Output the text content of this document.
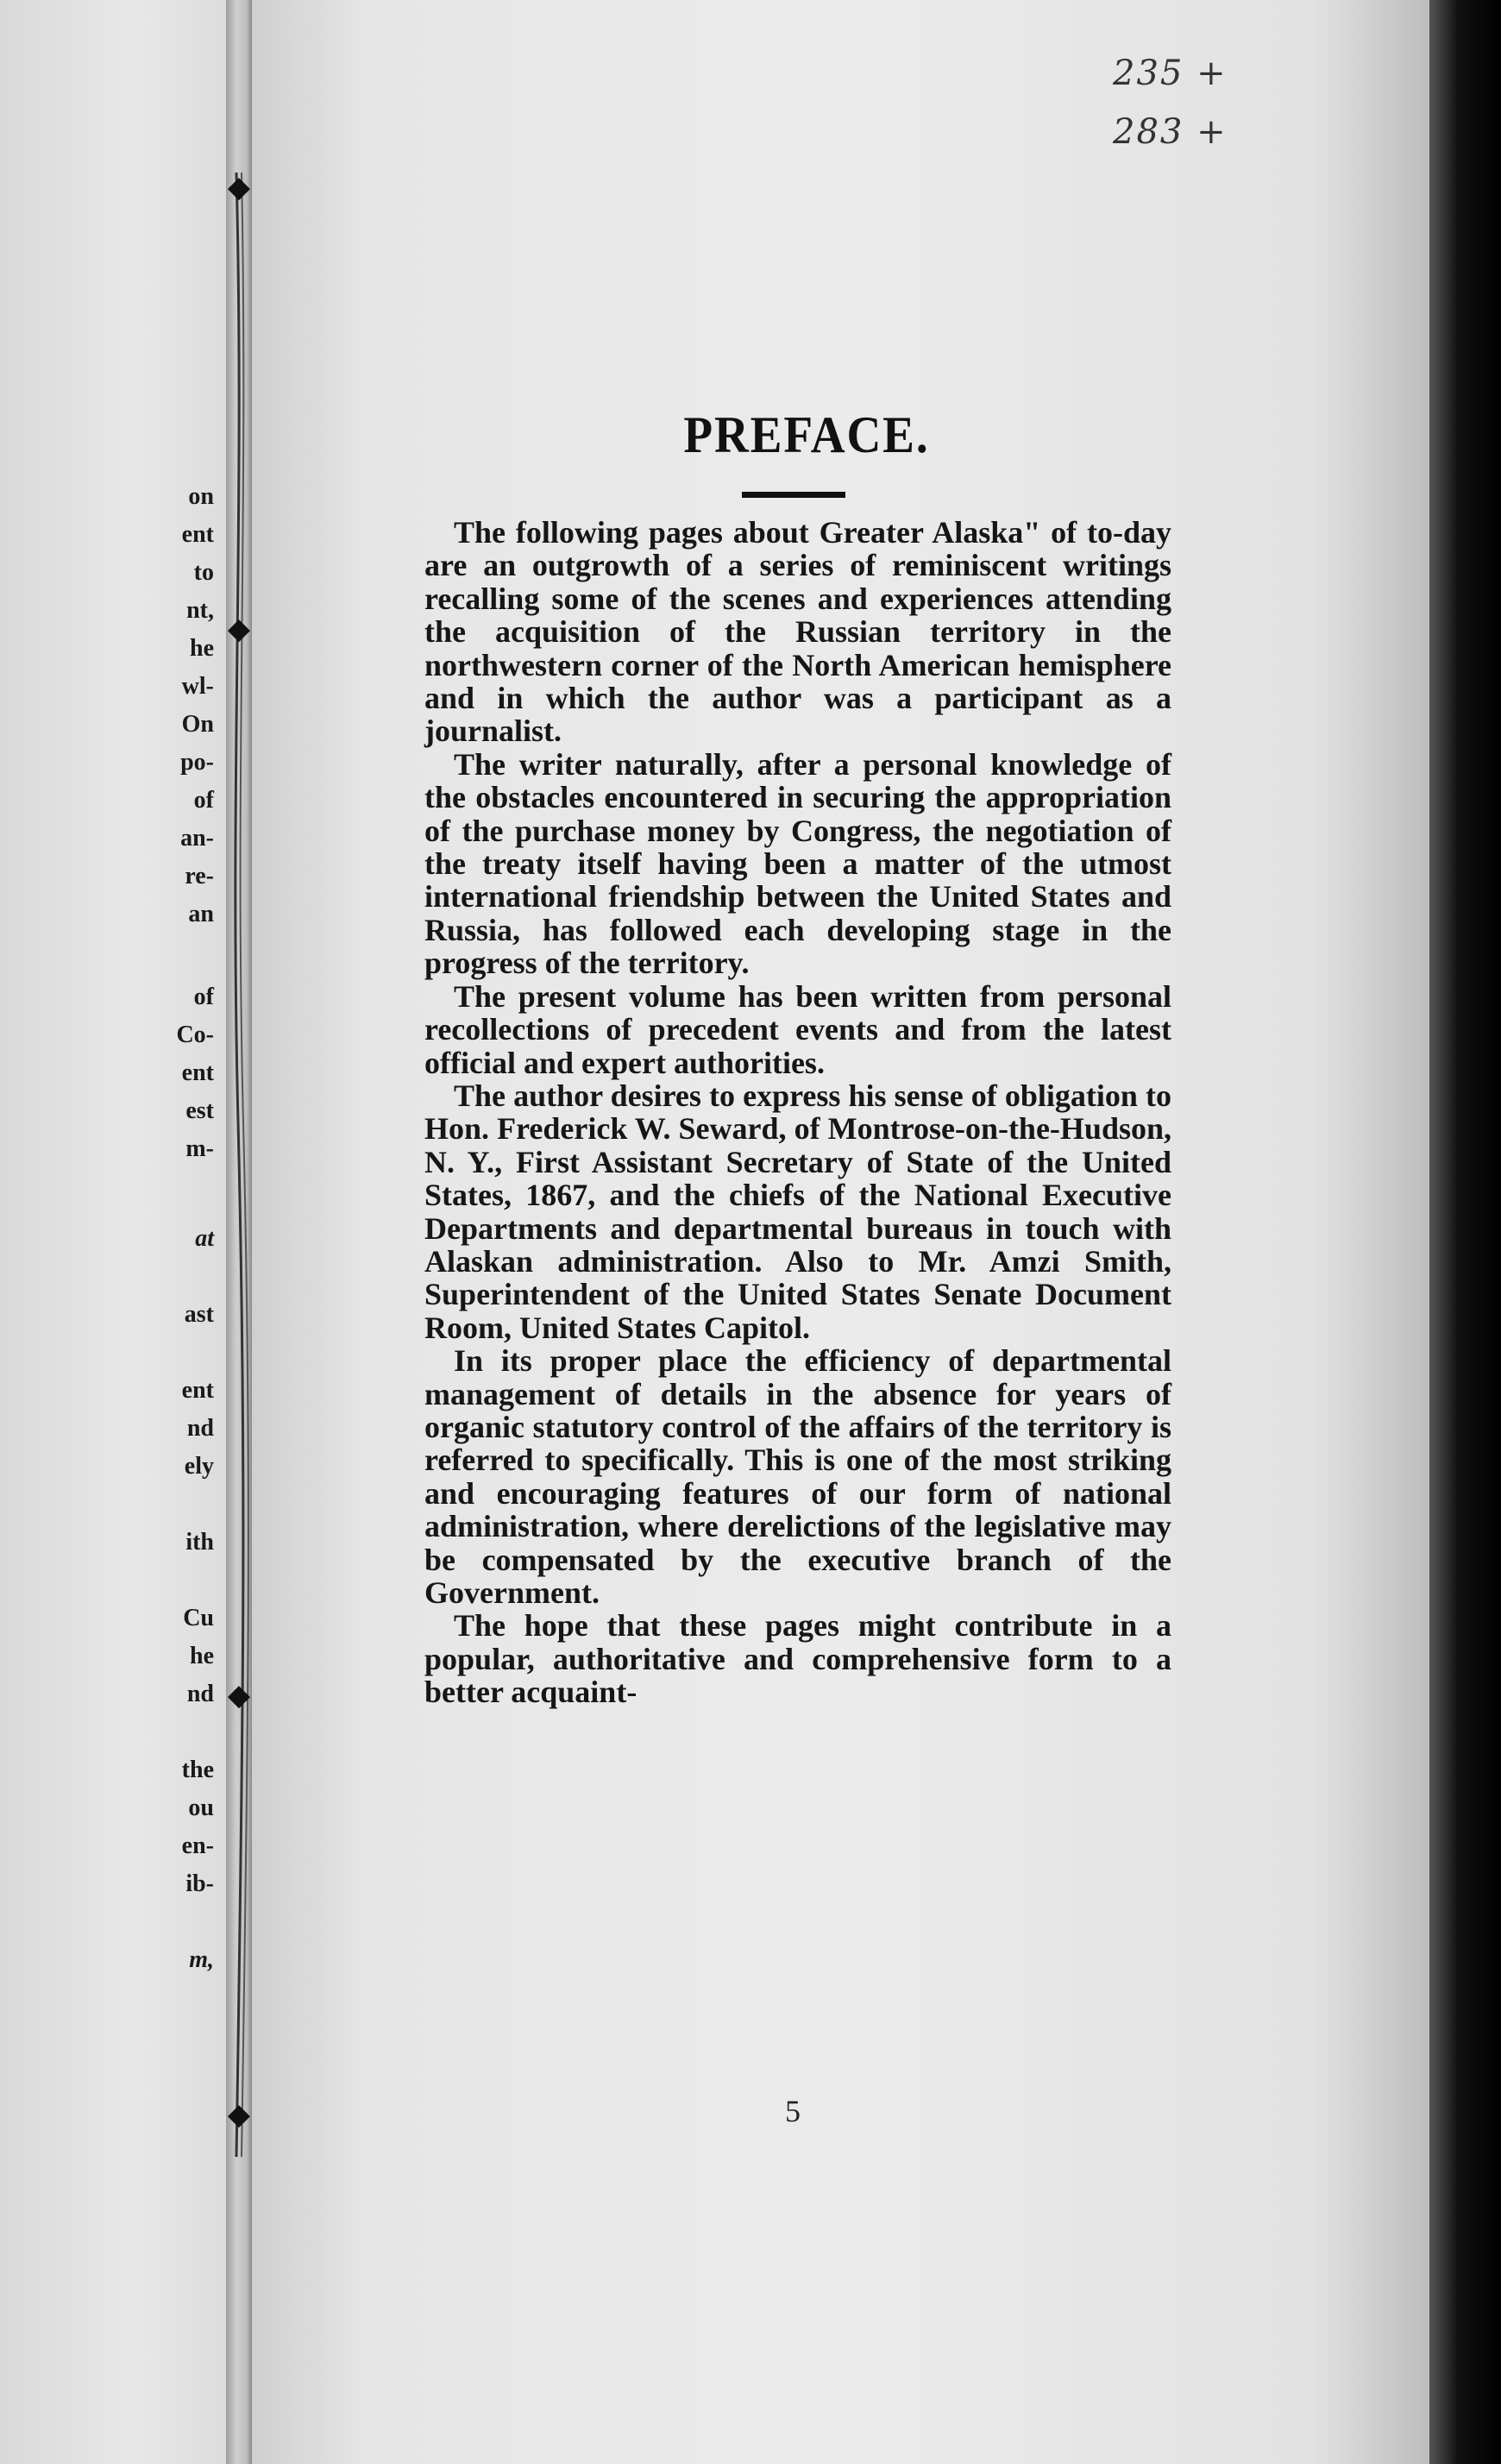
on
ent
to
nt,
he
wl-
On
po-
of
an-
re-
an
of
Co-
ent
est
m-
at
ast
ent
nd
ely
ith
Cu
he
nd
the
ou
en-
ib-
m,
◆
◆
◆
◆
235 +
283 +
PREFACE.

The following pages about Greater Alaska" of to-day are an outgrowth of a series of reminiscent writings recalling some of the scenes and experiences attending the acquisition of the Russian territory in the northwestern corner of the North American hemisphere and in which the author was a participant as a journalist.

The writer naturally, after a personal knowledge of the obstacles encountered in securing the appropriation of the purchase money by Congress, the negotiation of the treaty itself having been a matter of the utmost international friendship between the United States and Russia, has followed each developing stage in the progress of the territory.

The present volume has been written from personal recollections of precedent events and from the latest official and expert authorities.

The author desires to express his sense of obligation to Hon. Frederick W. Seward, of Montrose-on-the-Hudson, N. Y., First Assistant Secretary of State of the United States, 1867, and the chiefs of the National Executive Departments and departmental bureaus in touch with Alaskan administration. Also to Mr. Amzi Smith, Superintendent of the United States Senate Document Room, United States Capitol.

In its proper place the efficiency of departmental management of details in the absence for years of organic statutory control of the affairs of the territory is referred to specifically. This is one of the most striking and encouraging features of our form of national administration, where derelictions of the legislative may be compensated by the executive branch of the Government.

The hope that these pages might contribute in a popular, authoritative and comprehensive form to a better acquaint-

5
